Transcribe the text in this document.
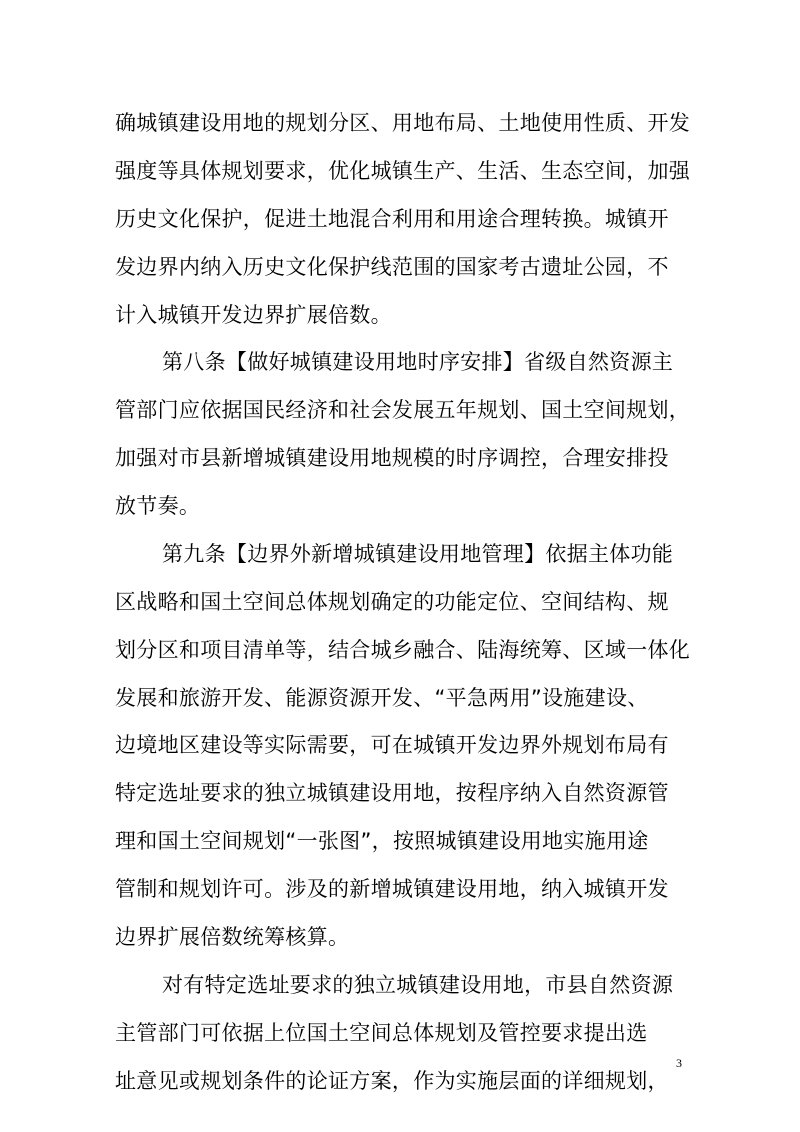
确城镇建设用地的规划分区、用地布局、土地使用性质、开发
强度等具体规划要求，优化城镇生产、生活、生态空间，加强
历史文化保护，促进土地混合利用和用途合理转换。城镇开
发边界内纳入历史文化保护线范围的国家考古遗址公园，不
计入城镇开发边界扩展倍数。
第八条【做好城镇建设用地时序安排】省级自然资源主
管部门应依据国民经济和社会发展五年规划、国土空间规划，
加强对市县新增城镇建设用地规模的时序调控，合理安排投
放节奏。
第九条【边界外新增城镇建设用地管理】依据主体功能
区战略和国土空间总体规划确定的功能定位、空间结构、规
划分区和项目清单等，结合城乡融合、陆海统筹、区域一体化
发展和旅游开发、能源资源开发、“平急两用”设施建设、
边境地区建设等实际需要，可在城镇开发边界外规划布局有
特定选址要求的独立城镇建设用地，按程序纳入自然资源管
理和国土空间规划“一张图”，按照城镇建设用地实施用途
管制和规划许可。涉及的新增城镇建设用地，纳入城镇开发
边界扩展倍数统筹核算。
对有特定选址要求的独立城镇建设用地，市县自然资源
主管部门可依据上位国土空间总体规划及管控要求提出选
址意见或规划条件的论证方案，作为实施层面的详细规划，
3
